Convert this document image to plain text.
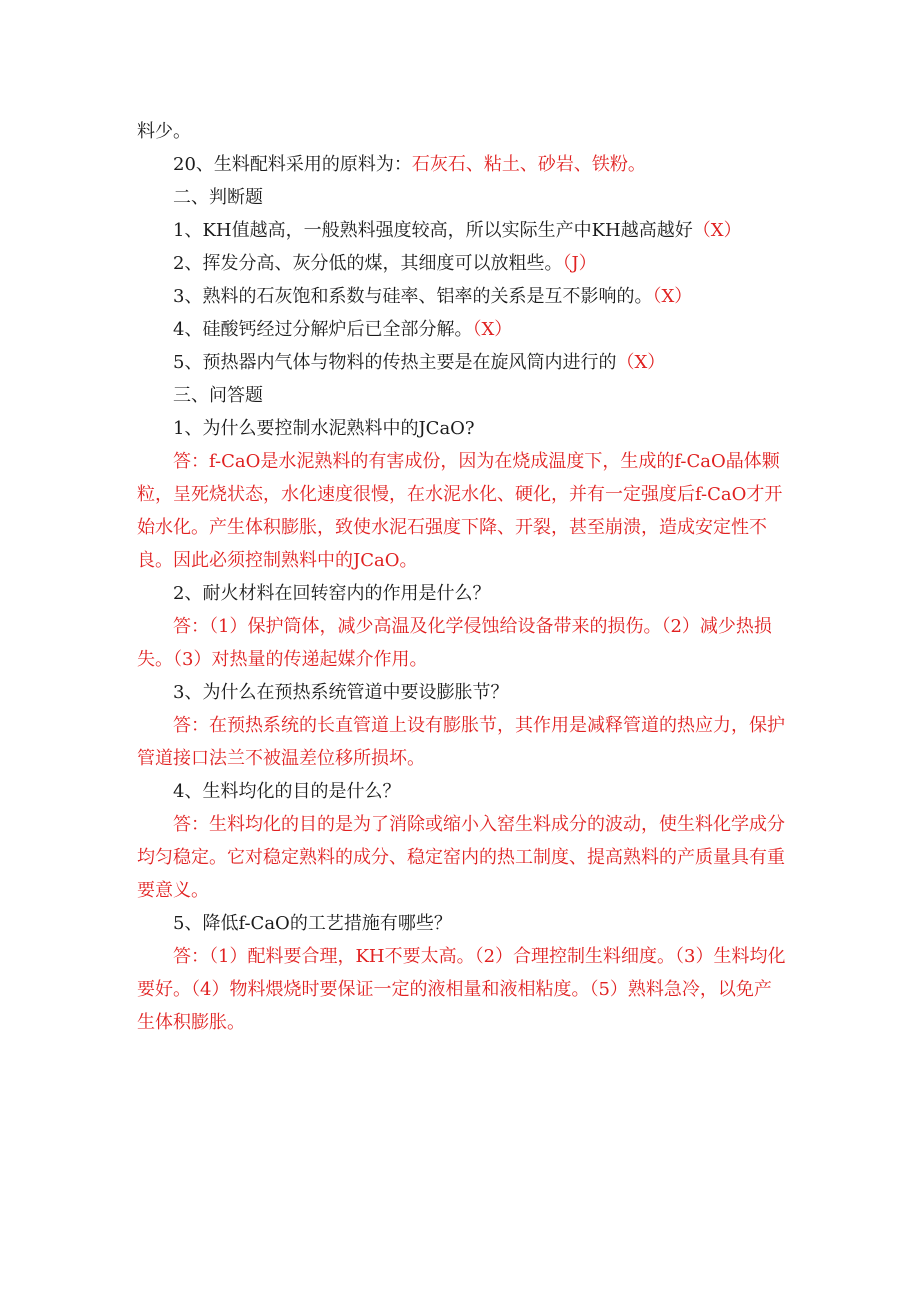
料少。

20、生料配料采用的原料为：石灰石、粘土、砂岩、铁粉。

二、判断题

1、KH值越高，一般熟料强度较高，所以实际生产中KH越高越好（X）

2、挥发分高、灰分低的煤，其细度可以放粗些。（J）

3、熟料的石灰饱和系数与硅率、铝率的关系是互不影响的。（X）

4、硅酸钙经过分解炉后已全部分解。（X）

5、预热器内气体与物料的传热主要是在旋风筒内进行的（X）

三、问答题

1、为什么要控制水泥熟料中的JCaO?

答：f-CaO是水泥熟料的有害成份，因为在烧成温度下，生成的f-CaO晶体颗粒，呈死烧状态，水化速度很慢，在水泥水化、硬化，并有一定强度后f-CaO才开始水化。产生体积膨胀，致使水泥石强度下降、开裂，甚至崩溃，造成安定性不良。因此必须控制熟料中的JCaO。

2、耐火材料在回转窑内的作用是什么？

答：（1）保护筒体，减少高温及化学侵蚀给设备带来的损伤。（2）减少热损失。（3）对热量的传递起媒介作用。

3、为什么在预热系统管道中要设膨胀节？

答：在预热系统的长直管道上设有膨胀节，其作用是减释管道的热应力，保护管道接口法兰不被温差位移所损坏。

4、生料均化的目的是什么？

答：生料均化的目的是为了消除或缩小入窑生料成分的波动，使生料化学成分均匀稳定。它对稳定熟料的成分、稳定窑内的热工制度、提高熟料的产质量具有重要意义。

5、降低f-CaO的工艺措施有哪些？

答：（1）配料要合理，KH不要太高。（2）合理控制生料细度。（3）生料均化要好。（4）物料煨烧时要保证一定的液相量和液相粘度。（5）熟料急冷，以免产生体积膨胀。
